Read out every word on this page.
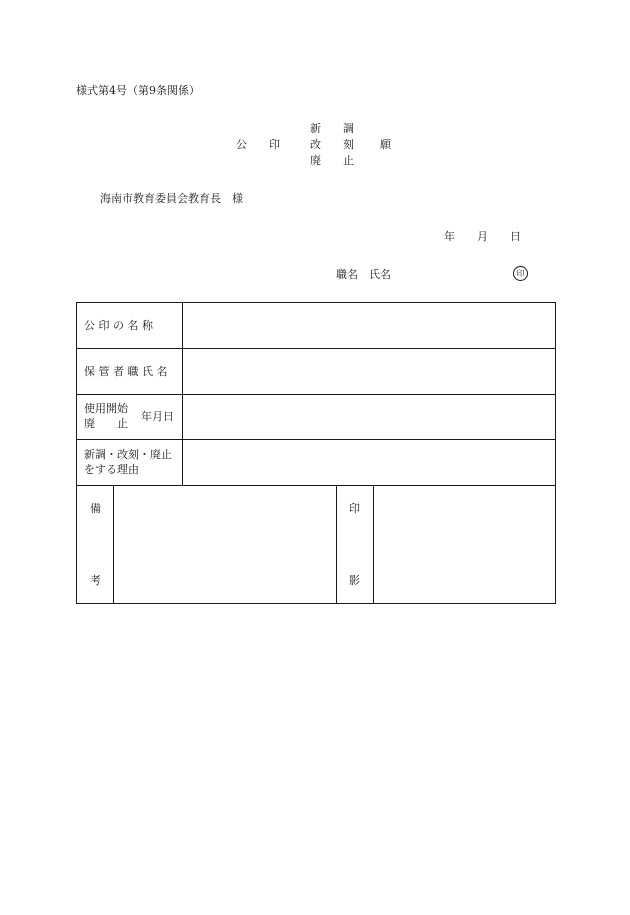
様式第4号（第9条関係）
新　　調
公　　印	改　　刻 願
廃　　止
海南市教育委員会教育長　様
年　　月　　日
職名　氏名	印
公 印 の 名 称
保 管 者 職 氏 名
使用開始
廃　　止
年月日
新調・改刻・廃止
をする理由
備
考
印
影
